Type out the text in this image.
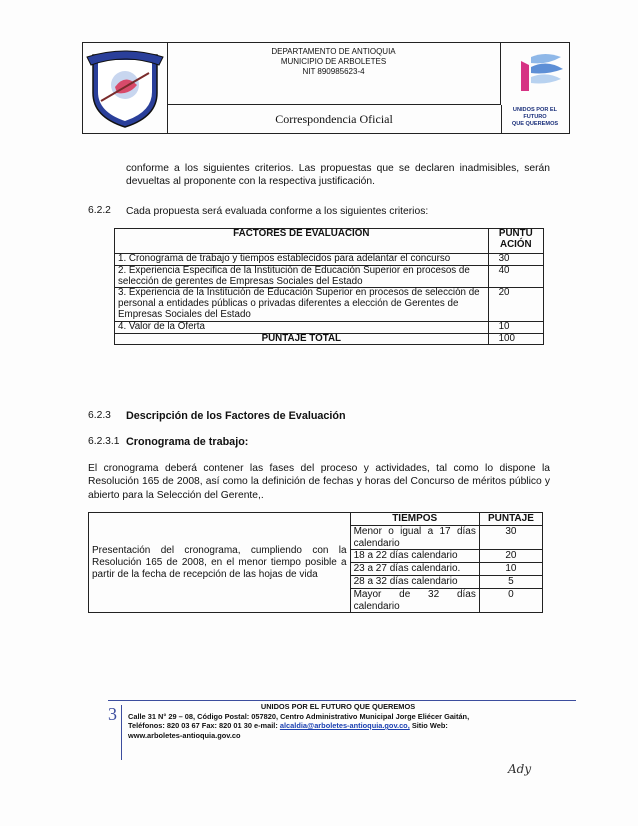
DEPARTAMENTO DE ANTIOQUIA
MUNICIPIO DE ARBOLETES
NIT 890985623-4
Correspondencia Oficial
UNIDOS POR EL FUTURO
QUE QUEREMOS
conforme a los siguientes criterios. Las propuestas que se declaren inadmisibles, serán devueltas al proponente con la respectiva justificación.
6.2.2 Cada propuesta será evaluada conforme a los siguientes criterios:
FACTORES DE EVALUACION	PUNTU ACIÓN
1. Cronograma de trabajo y tiempos establecidos para adelantar el concurso	30
2. Experiencia Especifica de la Institución de Educación Superior en procesos de selección de gerentes de Empresas Sociales del Estado	40
3. Experiencia de la Institución de Educación Superior en procesos de selección de personal a entidades públicas o privadas diferentes a elección de Gerentes de Empresas Sociales del Estado	20
4. Valor de la Oferta	10
PUNTAJE TOTAL	100
6.2.3 Descripción de los Factores de Evaluación
6.2.3.1 Cronograma de trabajo:
El cronograma deberá contener las fases del proceso y actividades, tal como lo dispone la Resolución 165 de 2008, así como la definición de fechas y horas del Concurso de méritos público y abierto para la Selección del Gerente,.
Presentación del cronograma, cumpliendo con la Resolución 165 de 2008, en el menor tiempo posible a partir de la fecha de recepción de las hojas de vida	TIEMPOS	PUNTAJE
	Menor o igual a 17 días calendario	30
	18 a 22 días calendario	20
	23 a 27 días calendario.	10
	28 a 32 días calendario	5
	Mayor de 32 días calendario	0
3	UNIDOS POR EL FUTURO QUE QUEREMOS
Calle 31 N° 29 – 08, Código Postal: 057820, Centro Administrativo Municipal Jorge Eliécer Gaitán,
Teléfonos: 820 03 67 Fax: 820 01 30 e-mail: alcaldia@arboletes-antioquia.gov.co, Sitio Web:
www.arboletes-antioquia.gov.co
Ady
